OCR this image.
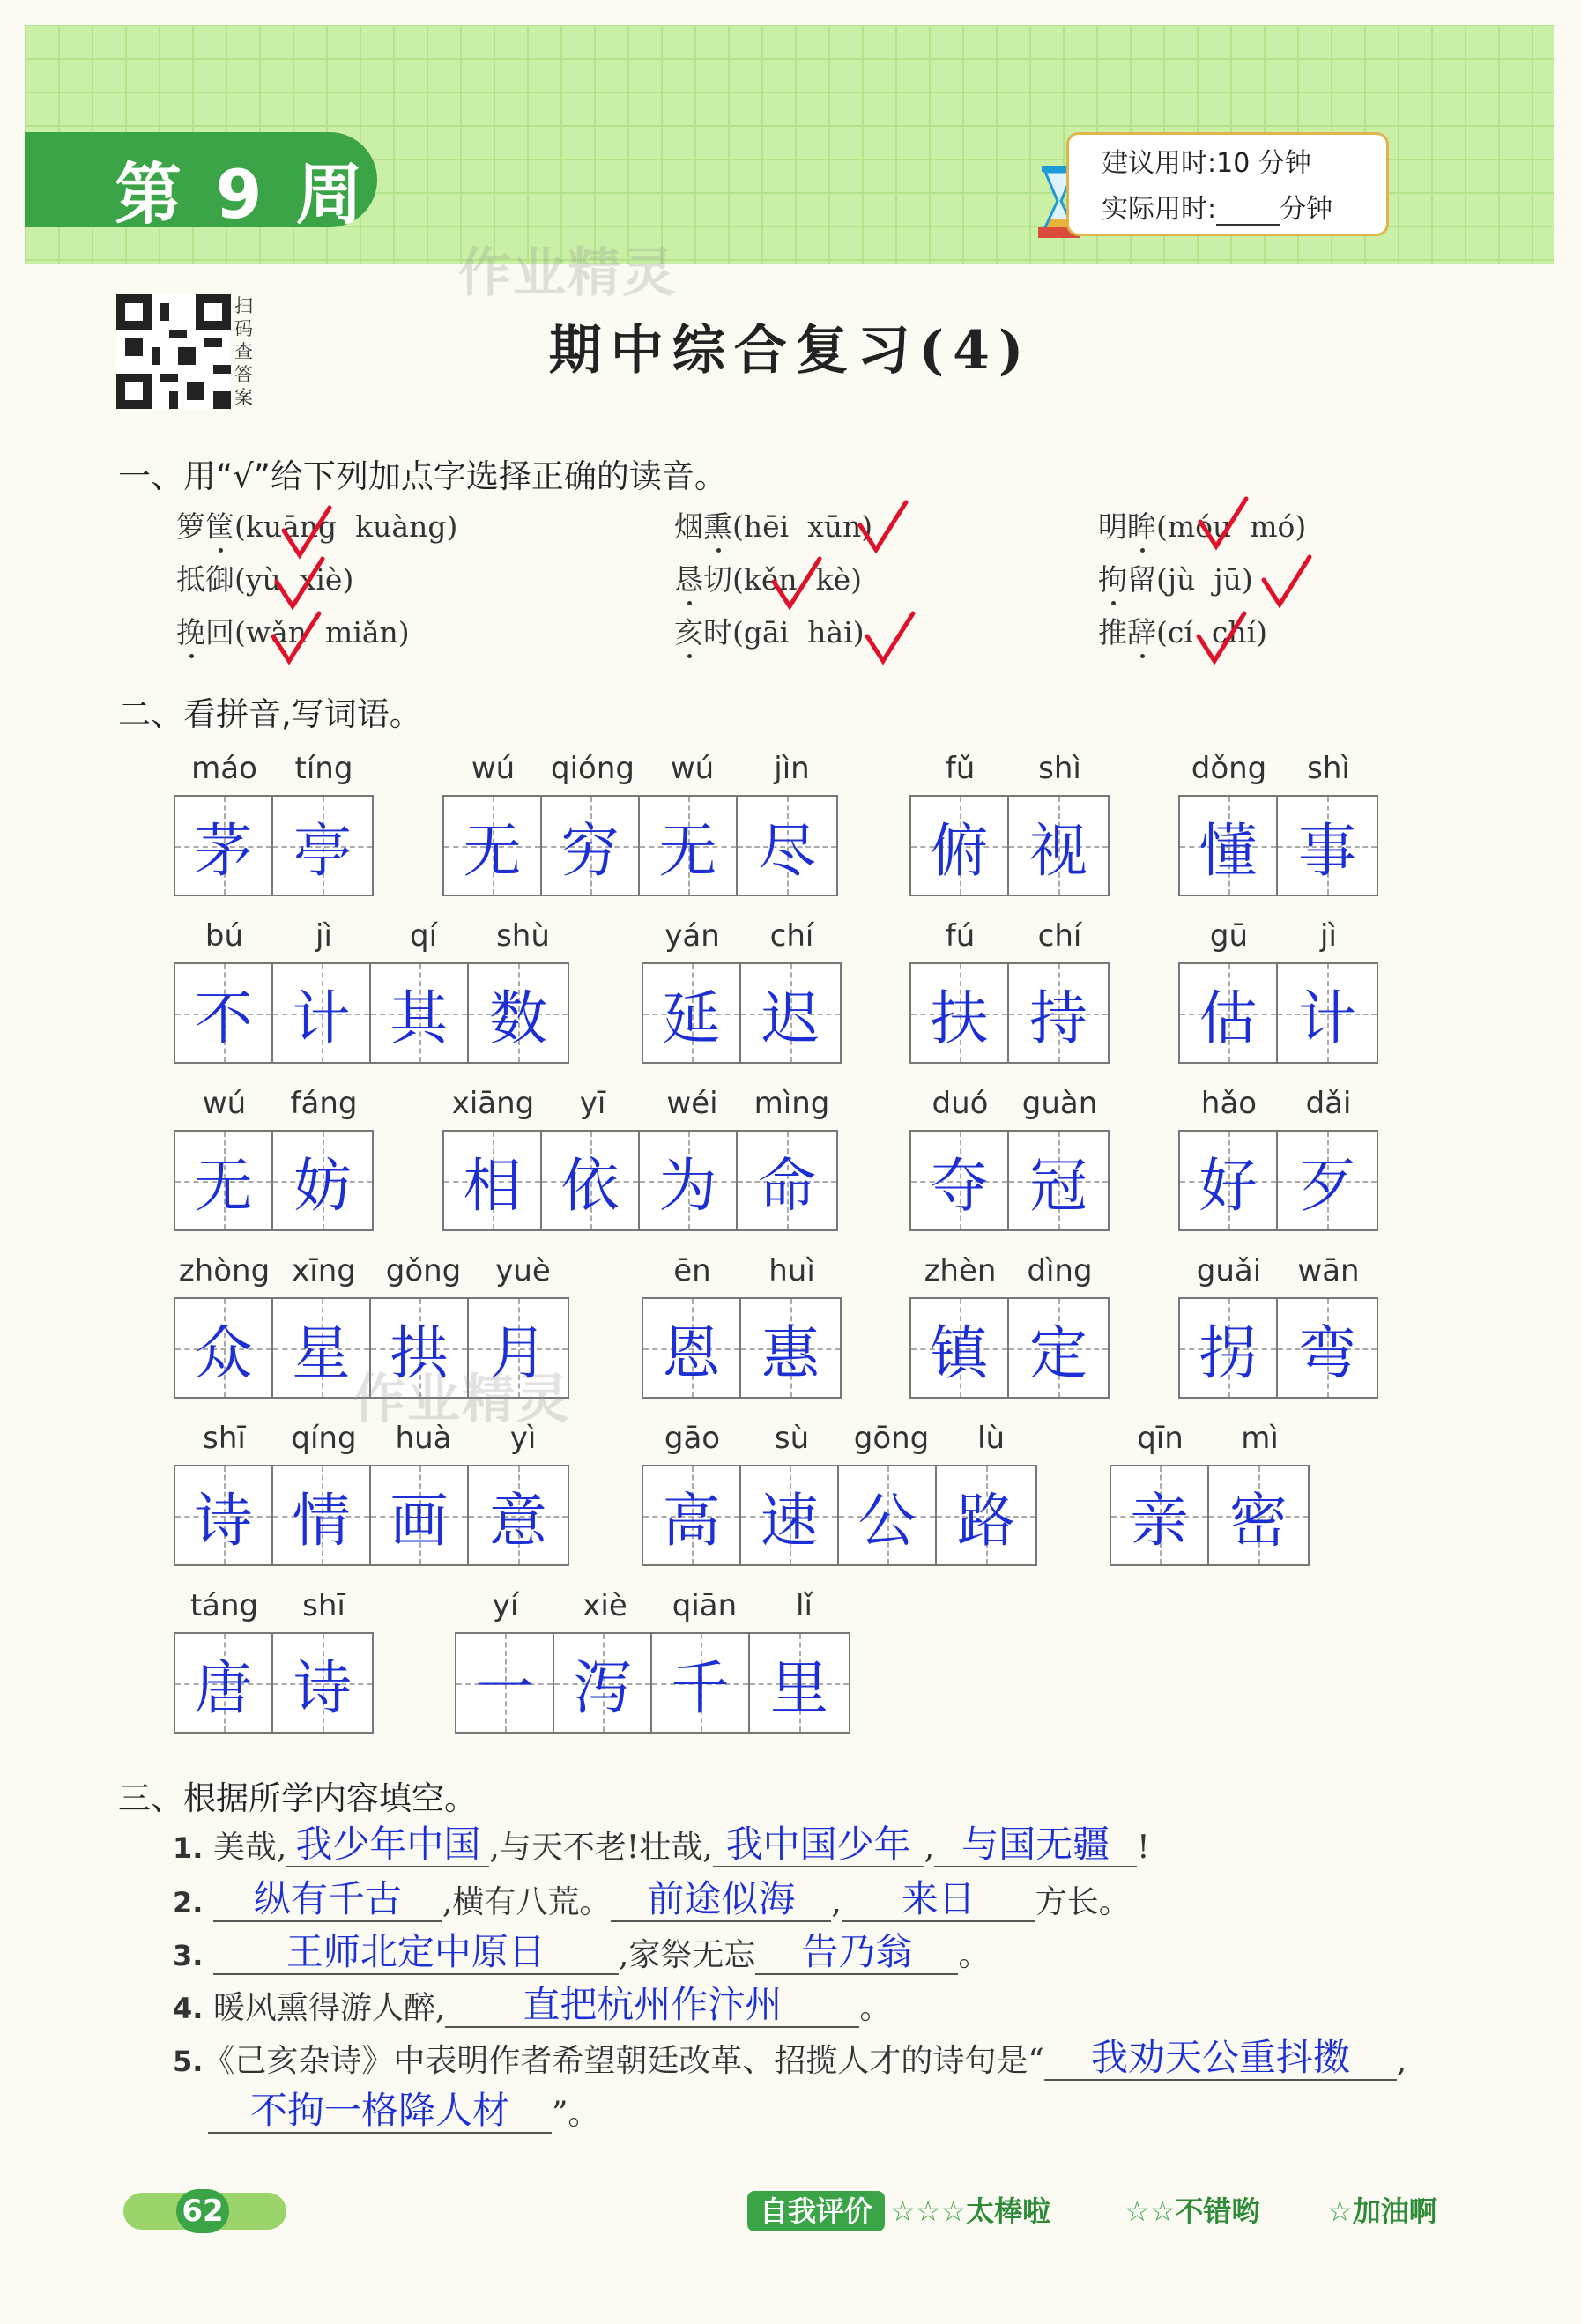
第 9 周	建议用时:10 分钟
实际用时: 分钟
作业精灵
扫码查答案
期中综合复习(4)
一、用“√”给下列加点字选择正确的读音。
箩筐(kuāng  kuàng)	烟熏(hēi  xūn)	明眸(móu  mó)
抵御(yù  xiè)	恳切(kěn  kè)	拘留(jù  jū)
挽回(wǎn  miǎn)	亥时(gāi  hài)	推辞(cí  chí)
二、看拼音,写词语。
máo	tíng
茅 亭
wú	qióng	wú	jìn
无 穷 无 尽
fǔ	shì
俯 视
dǒng	shì
懂 事
bú	jì	qí	shù
不 计 其 数
yán	chí
延 迟
fú	chí
扶 持
gū	jì
估 计
wú	fáng
无 妨
xiāng	yī	wéi	mìng
相 依 为 命
duó	guàn
夺 冠
hǎo	dǎi
好 歹
zhòng xīng gǒng	yuè
众 星 拱 月
ēn	huì
恩 惠
zhèn	dìng
镇 定
guǎi	wān
拐 弯
作业精灵
shī	qíng	huà	yì
诗 情 画 意
gāo	sù	gōng	lù
高 速 公 路
qīn	mì
亲 密
táng	shī
唐 诗
yí	xiè	qiān	lǐ
一 泻 千 里
三、根据所学内容填空。
1. 美哉, 我少年中国 ,与天不老!壮哉, 我中国少年 , 与国无疆 !
2. 纵有千古 ,横有八荒。 前途似海 , 来日 方长。
3. 王师北定中原日 ,家祭无忘 告乃翁 。
4. 暖风熏得游人醉, 直把杭州作汴州 。
5.《己亥杂诗》中表明作者希望朝廷改革、招揽人才的诗句是“ 我劝天公重抖擞 ,
不拘一格降人材 ”。
62	自我评价 ☆☆☆太棒啦	☆☆不错哟 ☆加油啊
